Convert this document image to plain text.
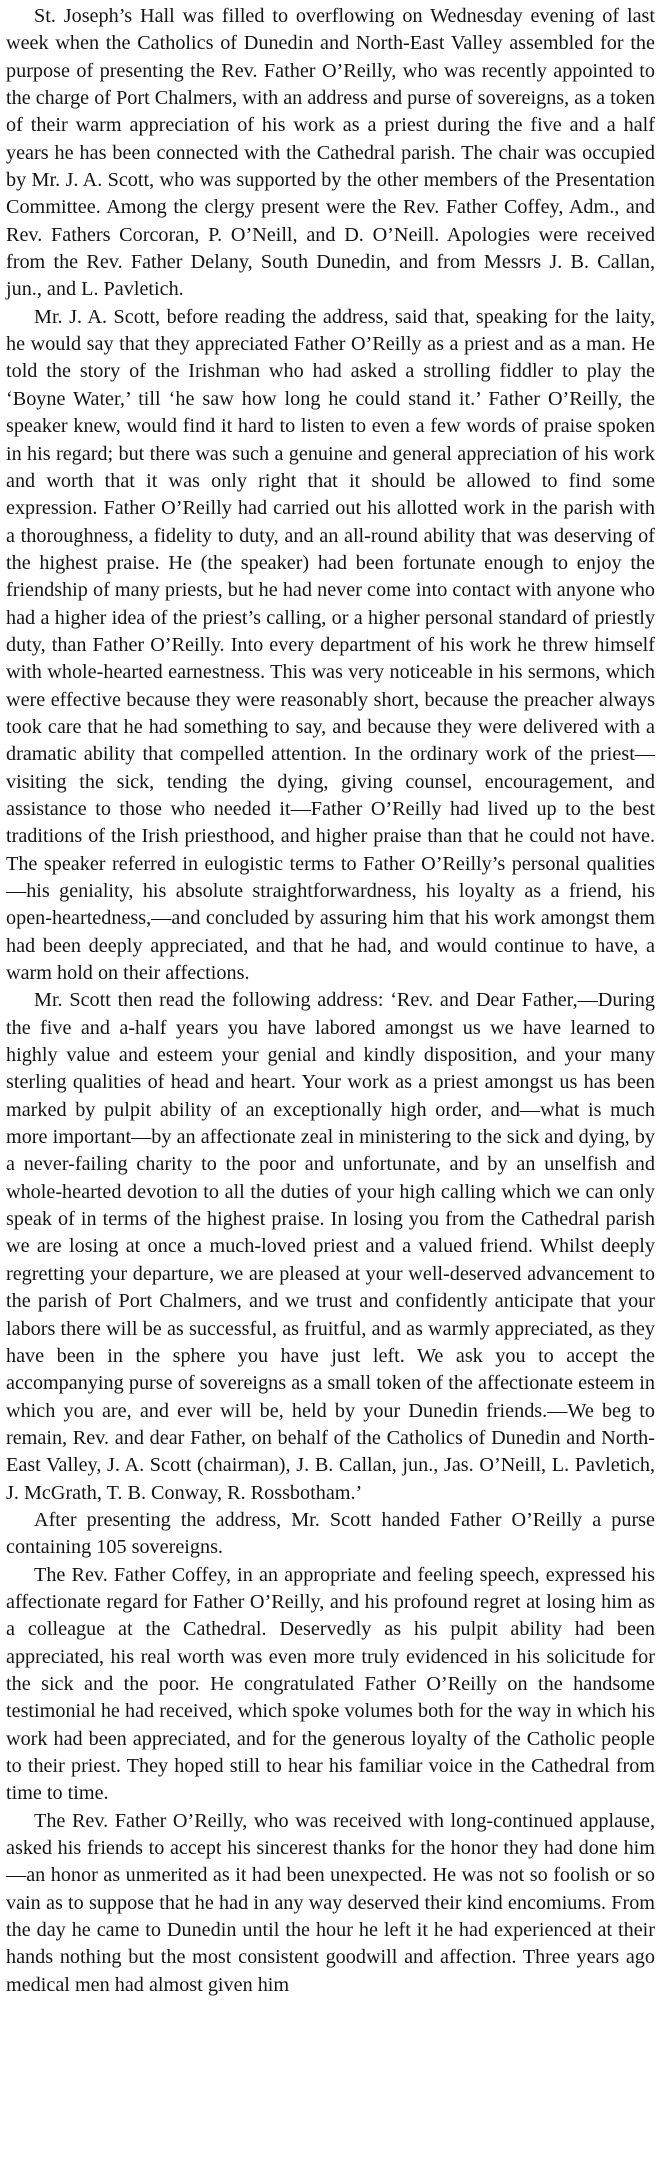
St. Joseph’s Hall was filled to overflowing on Wednesday evening of last week when the Catholics of Dunedin and North-East Valley assembled for the purpose of presenting the Rev. Father O’Reilly, who was recently appointed to the charge of Port Chalmers, with an address and purse of sovereigns, as a token of their warm appreciation of his work as a priest during the five and a half years he has been connected with the Cathedral parish. The chair was occupied by Mr. J. A. Scott, who was supported by the other members of the Presentation Committee. Among the clergy present were the Rev. Father Coffey, Adm., and Rev. Fathers Corcoran, P. O’Neill, and D. O’Neill. Apologies were received from the Rev. Father Delany, South Dunedin, and from Messrs J. B. Callan, jun., and L. Pavletich.

Mr. J. A. Scott, before reading the address, said that, speaking for the laity, he would say that they appreciated Father O’Reilly as a priest and as a man. He told the story of the Irishman who had asked a strolling fiddler to play the ‘Boyne Water,’ till ‘he saw how long he could stand it.’ Father O’Reilly, the speaker knew, would find it hard to listen to even a few words of praise spoken in his regard; but there was such a genuine and general appreciation of his work and worth that it was only right that it should be allowed to find some expression. Father O’Reilly had carried out his allotted work in the parish with a thoroughness, a fidelity to duty, and an all-round ability that was deserving of the highest praise. He (the speaker) had been fortunate enough to enjoy the friendship of many priests, but he had never come into contact with anyone who had a higher idea of the priest’s calling, or a higher personal standard of priestly duty, than Father O’Reilly. Into every department of his work he threw himself with whole-hearted earnestness. This was very noticeable in his sermons, which were effective because they were reasonably short, because the preacher always took care that he had something to say, and because they were delivered with a dramatic ability that compelled attention. In the ordinary work of the priest—visiting the sick, tending the dying, giving counsel, encouragement, and assistance to those who needed it—Father O’Reilly had lived up to the best traditions of the Irish priesthood, and higher praise than that he could not have. The speaker referred in eulogistic terms to Father O’Reilly’s personal qualities—his geniality, his absolute straightforwardness, his loyalty as a friend, his open-heartedness,—and concluded by assuring him that his work amongst them had been deeply appreciated, and that he had, and would continue to have, a warm hold on their affections.

Mr. Scott then read the following address: ‘Rev. and Dear Father,—During the five and a-half years you have labored amongst us we have learned to highly value and esteem your genial and kindly disposition, and your many sterling qualities of head and heart. Your work as a priest amongst us has been marked by pulpit ability of an exceptionally high order, and—what is much more important—by an affectionate zeal in ministering to the sick and dying, by a never-failing charity to the poor and unfortunate, and by an unselfish and whole-hearted devotion to all the duties of your high calling which we can only speak of in terms of the highest praise. In losing you from the Cathedral parish we are losing at once a much-loved priest and a valued friend. Whilst deeply regretting your departure, we are pleased at your well-deserved advancement to the parish of Port Chalmers, and we trust and confidently anticipate that your labors there will be as successful, as fruitful, and as warmly appreciated, as they have been in the sphere you have just left. We ask you to accept the accompanying purse of sovereigns as a small token of the affectionate esteem in which you are, and ever will be, held by your Dunedin friends.—We beg to remain, Rev. and dear Father, on behalf of the Catholics of Dunedin and North-East Valley, J. A. Scott (chairman), J. B. Callan, jun., Jas. O’Neill, L. Pavletich, J. McGrath, T. B. Conway, R. Rossbotham.’

After presenting the address, Mr. Scott handed Father O’Reilly a purse containing 105 sovereigns.

The Rev. Father Coffey, in an appropriate and feeling speech, expressed his affectionate regard for Father O’Reilly, and his profound regret at losing him as a colleague at the Cathedral. Deservedly as his pulpit ability had been appreciated, his real worth was even more truly evidenced in his solicitude for the sick and the poor. He congratulated Father O’Reilly on the handsome testimonial he had received, which spoke volumes both for the way in which his work had been appreciated, and for the generous loyalty of the Catholic people to their priest. They hoped still to hear his familiar voice in the Cathedral from time to time.

The Rev. Father O’Reilly, who was received with long-continued applause, asked his friends to accept his sincerest thanks for the honor they had done him—an honor as unmerited as it had been unexpected. He was not so foolish or so vain as to suppose that he had in any way deserved their kind encomiums. From the day he came to Dunedin until the hour he left it he had experienced at their hands nothing but the most consistent goodwill and affection. Three years ago medical men had almost given him
